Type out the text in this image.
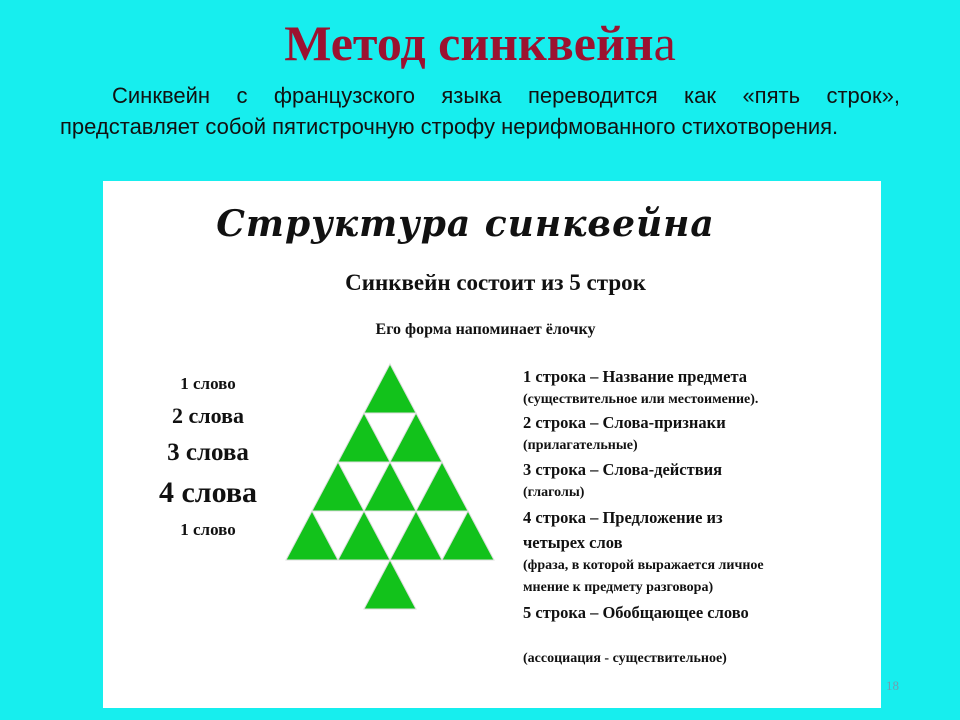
Метод синквейна

Синквейн с французского языка переводится как «пять строк», представляет собой пятистрочную строфу нерифмованного стихотворения.

Структура синквейна
Синквейн состоит из 5 строк
Его форма напоминает ёлочку
1 слово
2 слова
3 слова
4 слова
1 слово
1 строка – Название предмета
(существительное или местоимение).
2 строка – Слова-признаки
(прилагательные)
3 строка – Слова-действия
(глаголы)
4 строка – Предложение из
четырех слов
(фраза, в которой выражается личное
мнение к предмету разговора)
5 строка – Обобщающее слово
(ассоциация - существительное)
18
